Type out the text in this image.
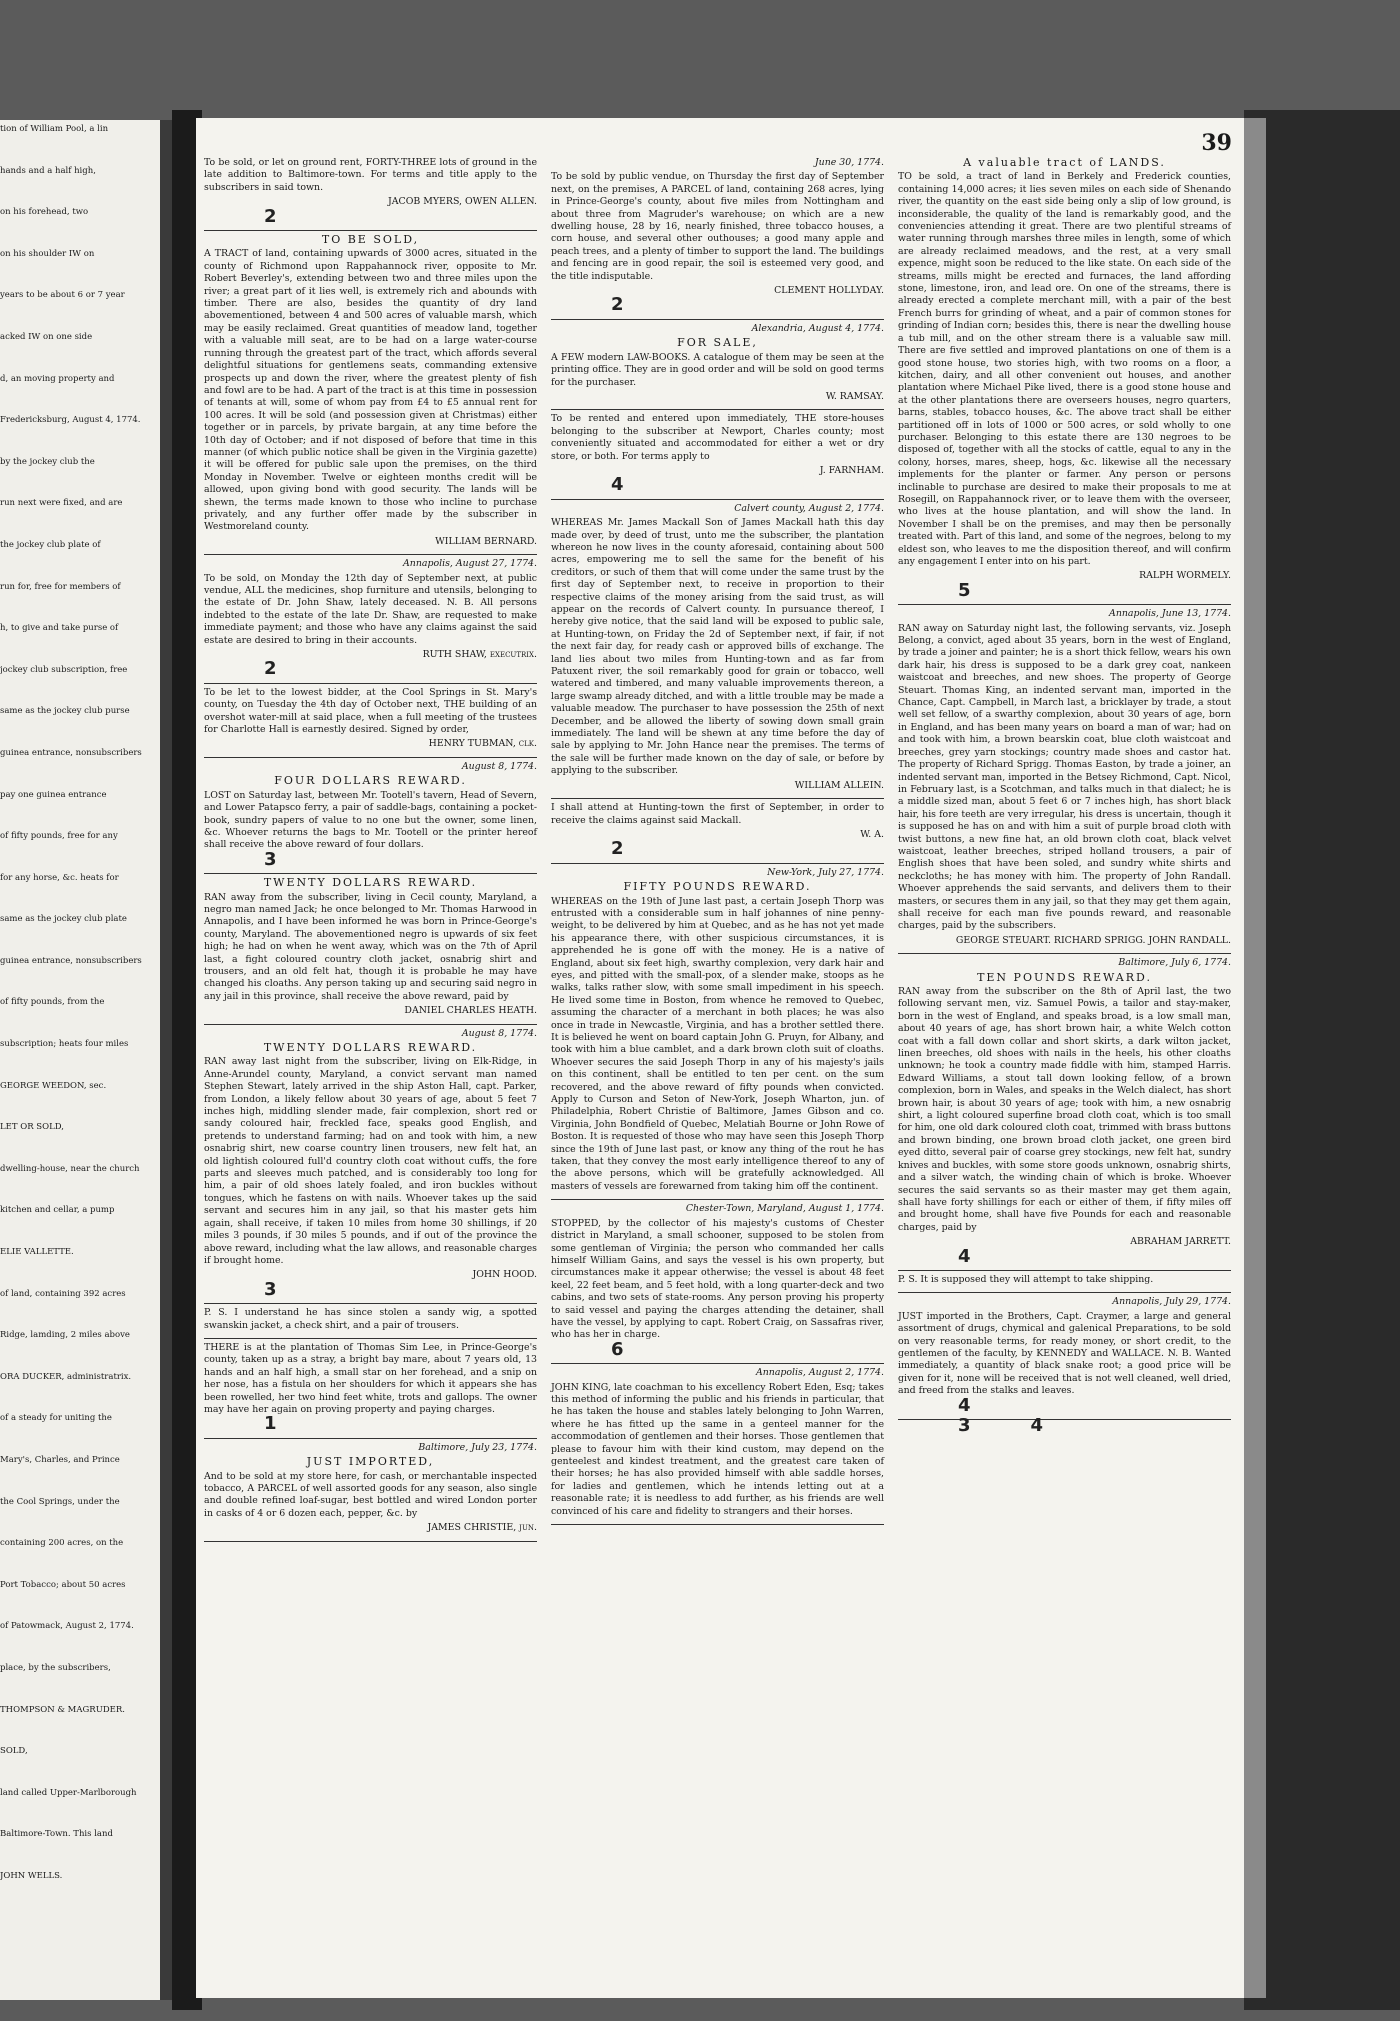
tion of William Pool, a lin
hands and a half high,
on his forehead, two
on his shoulder IW on
years to be about 6 or 7 year
acked IW on one side
d, an moving property and
Fredericksburg, August 4, 1774.
by the jockey club the
run next were fixed, and are
the jockey club plate of
run for, free for members of
h, to give and take purse of
jockey club subscription, free
same as the jockey club purse
guinea entrance, nonsubscribers
pay one guinea entrance
of fifty pounds, free for any
for any horse, &c. heats for
same as the jockey club plate
guinea entrance, nonsubscribers
of fifty pounds, from the
subscription; heats four miles
GEORGE WEEDON, sec.
LET OR SOLD,
dwelling-house, near the church
kitchen and cellar, a pump
ELIE VALLETTE.
of land, containing 392 acres
Ridge, lamding, 2 miles above
ORA DUCKER, administratrix.
of a steady for uniting the
Mary's, Charles, and Prince
the Cool Springs, under the
containing 200 acres, on the
Port Tobacco; about 50 acres
of Patowmack, August 2, 1774.
place, by the subscribers,
THOMPSON & MAGRUDER.
SOLD,
land called Upper-Marlborough
Baltimore-Town. This land
JOHN WELLS.
39

To be sold, or let on ground rent, FORTY-THREE lots of ground in the late addition to Baltimore-town. For terms and title apply to the subscribers in said town.

JACOB MYERS, OWEN ALLEN.

2

TO BE SOLD,

A TRACT of land, containing upwards of 3000 acres, situated in the county of Richmond upon Rappahannock river, opposite to Mr. Robert Beverley's, extending between two and three miles upon the river; a great part of it lies well, is extremely rich and abounds with timber. There are also, besides the quantity of dry land abovementioned, between 4 and 500 acres of valuable marsh, which may be easily reclaimed. Great quantities of meadow land, together with a valuable mill seat, are to be had on a large water-course running through the greatest part of the tract, which affords several delightful situations for gentlemens seats, commanding extensive prospects up and down the river, where the greatest plenty of fish and fowl are to be had. A part of the tract is at this time in possession of tenants at will, some of whom pay from £4 to £5 annual rent for 100 acres. It will be sold (and possession given at Christmas) either together or in parcels, by private bargain, at any time before the 10th day of October; and if not disposed of before that time in this manner (of which public notice shall be given in the Virginia gazette) it will be offered for public sale upon the premises, on the third Monday in November. Twelve or eighteen months credit will be allowed, upon giving bond with good security. The lands will be shewn, the terms made known to those who incline to purchase privately, and any further offer made by the subscriber in Westmoreland county.

WILLIAM BERNARD.

Annapolis, August 27, 1774.

To be sold, on Monday the 12th day of September next, at public vendue, ALL the medicines, shop furniture and utensils, belonging to the estate of Dr. John Shaw, lately deceased. N. B. All persons indebted to the estate of the late Dr. Shaw, are requested to make immediate payment; and those who have any claims against the said estate are desired to bring in their accounts.

RUTH SHAW, executrix.

2

To be let to the lowest bidder, at the Cool Springs in St. Mary's county, on Tuesday the 4th day of October next, THE building of an overshot water-mill at said place, when a full meeting of the trustees for Charlotte Hall is earnestly desired. Signed by order,

HENRY TUBMAN, clk.

August 8, 1774.

FOUR DOLLARS REWARD.

LOST on Saturday last, between Mr. Tootell's tavern, Head of Severn, and Lower Patapsco ferry, a pair of saddle-bags, containing a pocket-book, sundry papers of value to no one but the owner, some linen, &c. Whoever returns the bags to Mr. Tootell or the printer hereof shall receive the above reward of four dollars.

3

TWENTY DOLLARS REWARD.

RAN away from the subscriber, living in Cecil county, Maryland, a negro man named Jack; he once belonged to Mr. Thomas Harwood in Annapolis, and I have been informed he was born in Prince-George's county, Maryland. The abovementioned negro is upwards of six feet high; he had on when he went away, which was on the 7th of April last, a fight coloured country cloth jacket, osnabrig shirt and trousers, and an old felt hat, though it is probable he may have changed his cloaths. Any person taking up and securing said negro in any jail in this province, shall receive the above reward, paid by

DANIEL CHARLES HEATH.

August 8, 1774.

TWENTY DOLLARS REWARD.

RAN away last night from the subscriber, living on Elk-Ridge, in Anne-Arundel county, Maryland, a convict servant man named Stephen Stewart, lately arrived in the ship Aston Hall, capt. Parker, from London, a likely fellow about 30 years of age, about 5 feet 7 inches high, middling slender made, fair complexion, short red or sandy coloured hair, freckled face, speaks good English, and pretends to understand farming; had on and took with him, a new osnabrig shirt, new coarse country linen trousers, new felt hat, an old lightish coloured full'd country cloth coat without cuffs, the fore parts and sleeves much patched, and is considerably too long for him, a pair of old shoes lately foaled, and iron buckles without tongues, which he fastens on with nails. Whoever takes up the said servant and secures him in any jail, so that his master gets him again, shall receive, if taken 10 miles from home 30 shillings, if 20 miles 3 pounds, if 30 miles 5 pounds, and if out of the province the above reward, including what the law allows, and reasonable charges if brought home.

JOHN HOOD.

3

P. S. I understand he has since stolen a sandy wig, a spotted swanskin jacket, a check shirt, and a pair of trousers.

THERE is at the plantation of Thomas Sim Lee, in Prince-George's county, taken up as a stray, a bright bay mare, about 7 years old, 13 hands and an half high, a small star on her forehead, and a snip on her nose, has a fistula on her shoulders for which it appears she has been rowelled, her two hind feet white, trots and gallops. The owner may have her again on proving property and paying charges.

1

Baltimore, July 23, 1774.

JUST IMPORTED,

And to be sold at my store here, for cash, or merchantable inspected tobacco, A PARCEL of well assorted goods for any season, also single and double refined loaf-sugar, best bottled and wired London porter in casks of 4 or 6 dozen each, pepper, &c. by

JAMES CHRISTIE, jun.

June 30, 1774.

To be sold by public vendue, on Thursday the first day of September next, on the premises, A PARCEL of land, containing 268 acres, lying in Prince-George's county, about five miles from Nottingham and about three from Magruder's warehouse; on which are a new dwelling house, 28 by 16, nearly finished, three tobacco houses, a corn house, and several other outhouses; a good many apple and peach trees, and a plenty of timber to support the land. The buildings and fencing are in good repair, the soil is esteemed very good, and the title indisputable.

CLEMENT HOLLYDAY.

2

Alexandria, August 4, 1774.

FOR SALE,

A FEW modern LAW-BOOKS. A catalogue of them may be seen at the printing office. They are in good order and will be sold on good terms for the purchaser.

W. RAMSAY.

To be rented and entered upon immediately, THE store-houses belonging to the subscriber at Newport, Charles county; most conveniently situated and accommodated for either a wet or dry store, or both. For terms apply to

J. FARNHAM.

4

Calvert county, August 2, 1774.

WHEREAS Mr. James Mackall Son of James Mackall hath this day made over, by deed of trust, unto me the subscriber, the plantation whereon he now lives in the county aforesaid, containing about 500 acres, empowering me to sell the same for the benefit of his creditors, or such of them that will come under the same trust by the first day of September next, to receive in proportion to their respective claims of the money arising from the said trust, as will appear on the records of Calvert county. In pursuance thereof, I hereby give notice, that the said land will be exposed to public sale, at Hunting-town, on Friday the 2d of September next, if fair, if not the next fair day, for ready cash or approved bills of exchange. The land lies about two miles from Hunting-town and as far from Patuxent river, the soil remarkably good for grain or tobacco, well watered and timbered, and many valuable improvements thereon, a large swamp already ditched, and with a little trouble may be made a valuable meadow. The purchaser to have possession the 25th of next December, and be allowed the liberty of sowing down small grain immediately. The land will be shewn at any time before the day of sale by applying to Mr. John Hance near the premises. The terms of the sale will be further made known on the day of sale, or before by applying to the subscriber.

WILLIAM ALLEIN.

I shall attend at Hunting-town the first of September, in order to receive the claims against said Mackall.

W. A.

2

New-York, July 27, 1774.

FIFTY POUNDS REWARD.

WHEREAS on the 19th of June last past, a certain Joseph Thorp was entrusted with a considerable sum in half johannes of nine penny-weight, to be delivered by him at Quebec, and as he has not yet made his appearance there, with other suspicious circumstances, it is apprehended he is gone off with the money. He is a native of England, about six feet high, swarthy complexion, very dark hair and eyes, and pitted with the small-pox, of a slender make, stoops as he walks, talks rather slow, with some small impediment in his speech. He lived some time in Boston, from whence he removed to Quebec, assuming the character of a merchant in both places; he was also once in trade in Newcastle, Virginia, and has a brother settled there. It is believed he went on board captain John G. Pruyn, for Albany, and took with him a blue camblet, and a dark brown cloth suit of cloaths. Whoever secures the said Joseph Thorp in any of his majesty's jails on this continent, shall be entitled to ten per cent. on the sum recovered, and the above reward of fifty pounds when convicted. Apply to Curson and Seton of New-York, Joseph Wharton, jun. of Philadelphia, Robert Christie of Baltimore, James Gibson and co. Virginia, John Bondfield of Quebec, Melatiah Bourne or John Rowe of Boston. It is requested of those who may have seen this Joseph Thorp since the 19th of June last past, or know any thing of the rout he has taken, that they convey the most early intelligence thereof to any of the above persons, which will be gratefully acknowledged. All masters of vessels are forewarned from taking him off the continent.

Chester-Town, Maryland, August 1, 1774.

STOPPED, by the collector of his majesty's customs of Chester district in Maryland, a small schooner, supposed to be stolen from some gentleman of Virginia; the person who commanded her calls himself William Gains, and says the vessel is his own property, but circumstances make it appear otherwise; the vessel is about 48 feet keel, 22 feet beam, and 5 feet hold, with a long quarter-deck and two cabins, and two sets of state-rooms. Any person proving his property to said vessel and paying the charges attending the detainer, shall have the vessel, by applying to capt. Robert Craig, on Sassafras river, who has her in charge.

6

Annapolis, August 2, 1774.

JOHN KING, late coachman to his excellency Robert Eden, Esq; takes this method of informing the public and his friends in particular, that he has taken the house and stables lately belonging to John Warren, where he has fitted up the same in a genteel manner for the accommodation of gentlemen and their horses. Those gentlemen that please to favour him with their kind custom, may depend on the genteelest and kindest treatment, and the greatest care taken of their horses; he has also provided himself with able saddle horses, for ladies and gentlemen, which he intends letting out at a reasonable rate; it is needless to add further, as his friends are well convinced of his care and fidelity to strangers and their horses.

A valuable tract of LANDS.

TO be sold, a tract of land in Berkely and Frederick counties, containing 14,000 acres; it lies seven miles on each side of Shenando river, the quantity on the east side being only a slip of low ground, is inconsiderable, the quality of the land is remarkably good, and the conveniencies attending it great. There are two plentiful streams of water running through marshes three miles in length, some of which are already reclaimed meadows, and the rest, at a very small expence, might soon be reduced to the like state. On each side of the streams, mills might be erected and furnaces, the land affording stone, limestone, iron, and lead ore. On one of the streams, there is already erected a complete merchant mill, with a pair of the best French burrs for grinding of wheat, and a pair of common stones for grinding of Indian corn; besides this, there is near the dwelling house a tub mill, and on the other stream there is a valuable saw mill. There are five settled and improved plantations on one of them is a good stone house, two stories high, with two rooms on a floor, a kitchen, dairy, and all other convenient out houses, and another plantation where Michael Pike lived, there is a good stone house and at the other plantations there are overseers houses, negro quarters, barns, stables, tobacco houses, &c. The above tract shall be either partitioned off in lots of 1000 or 500 acres, or sold wholly to one purchaser. Belonging to this estate there are 130 negroes to be disposed of, together with all the stocks of cattle, equal to any in the colony, horses, mares, sheep, hogs, &c. likewise all the necessary implements for the planter or farmer. Any person or persons inclinable to purchase are desired to make their proposals to me at Rosegill, on Rappahannock river, or to leave them with the overseer, who lives at the house plantation, and will show the land. In November I shall be on the premises, and may then be personally treated with. Part of this land, and some of the negroes, belong to my eldest son, who leaves to me the disposition thereof, and will confirm any engagement I enter into on his part.

RALPH WORMELY.

5

Annapolis, June 13, 1774.

RAN away on Saturday night last, the following servants, viz. Joseph Belong, a convict, aged about 35 years, born in the west of England, by trade a joiner and painter; he is a short thick fellow, wears his own dark hair, his dress is supposed to be a dark grey coat, nankeen waistcoat and breeches, and new shoes. The property of George Steuart. Thomas King, an indented servant man, imported in the Chance, Capt. Campbell, in March last, a bricklayer by trade, a stout well set fellow, of a swarthy complexion, about 30 years of age, born in England, and has been many years on board a man of war; had on and took with him, a brown bearskin coat, blue cloth waistcoat and breeches, grey yarn stockings; country made shoes and castor hat. The property of Richard Sprigg. Thomas Easton, by trade a joiner, an indented servant man, imported in the Betsey Richmond, Capt. Nicol, in February last, is a Scotchman, and talks much in that dialect; he is a middle sized man, about 5 feet 6 or 7 inches high, has short black hair, his fore teeth are very irregular, his dress is uncertain, though it is supposed he has on and with him a suit of purple broad cloth with twist buttons, a new fine hat, an old brown cloth coat, black velvet waistcoat, leather breeches, striped holland trousers, a pair of English shoes that have been soled, and sundry white shirts and neckcloths; he has money with him. The property of John Randall. Whoever apprehends the said servants, and delivers them to their masters, or secures them in any jail, so that they may get them again, shall receive for each man five pounds reward, and reasonable charges, paid by the subscribers.

GEORGE STEUART. RICHARD SPRIGG. JOHN RANDALL.

Baltimore, July 6, 1774.

TEN POUNDS REWARD.

RAN away from the subscriber on the 8th of April last, the two following servant men, viz. Samuel Powis, a tailor and stay-maker, born in the west of England, and speaks broad, is a low small man, about 40 years of age, has short brown hair, a white Welch cotton coat with a fall down collar and short skirts, a dark wilton jacket, linen breeches, old shoes with nails in the heels, his other cloaths unknown; he took a country made fiddle with him, stamped Harris. Edward Williams, a stout tall down looking fellow, of a brown complexion, born in Wales, and speaks in the Welch dialect, has short brown hair, is about 30 years of age; took with him, a new osnabrig shirt, a light coloured superfine broad cloth coat, which is too small for him, one old dark coloured cloth coat, trimmed with brass buttons and brown binding, one brown broad cloth jacket, one green bird eyed ditto, several pair of coarse grey stockings, new felt hat, sundry knives and buckles, with some store goods unknown, osnabrig shirts, and a silver watch, the winding chain of which is broke. Whoever secures the said servants so as their master may get them again, shall have forty shillings for each or either of them, if fifty miles off and brought home, shall have five Pounds for each and reasonable charges, paid by

ABRAHAM JARRETT.

4

P. S. It is supposed they will attempt to take shipping.

Annapolis, July 29, 1774.

JUST imported in the Brothers, Capt. Craymer, a large and general assortment of drugs, chymical and galenical Preparations, to be sold on very reasonable terms, for ready money, or short credit, to the gentlemen of the faculty, by KENNEDY and WALLACE. N. B. Wanted immediately, a quantity of black snake root; a good price will be given for it, none will be received that is not well cleaned, well dried, and freed from the stalks and leaves.

4
3	4
